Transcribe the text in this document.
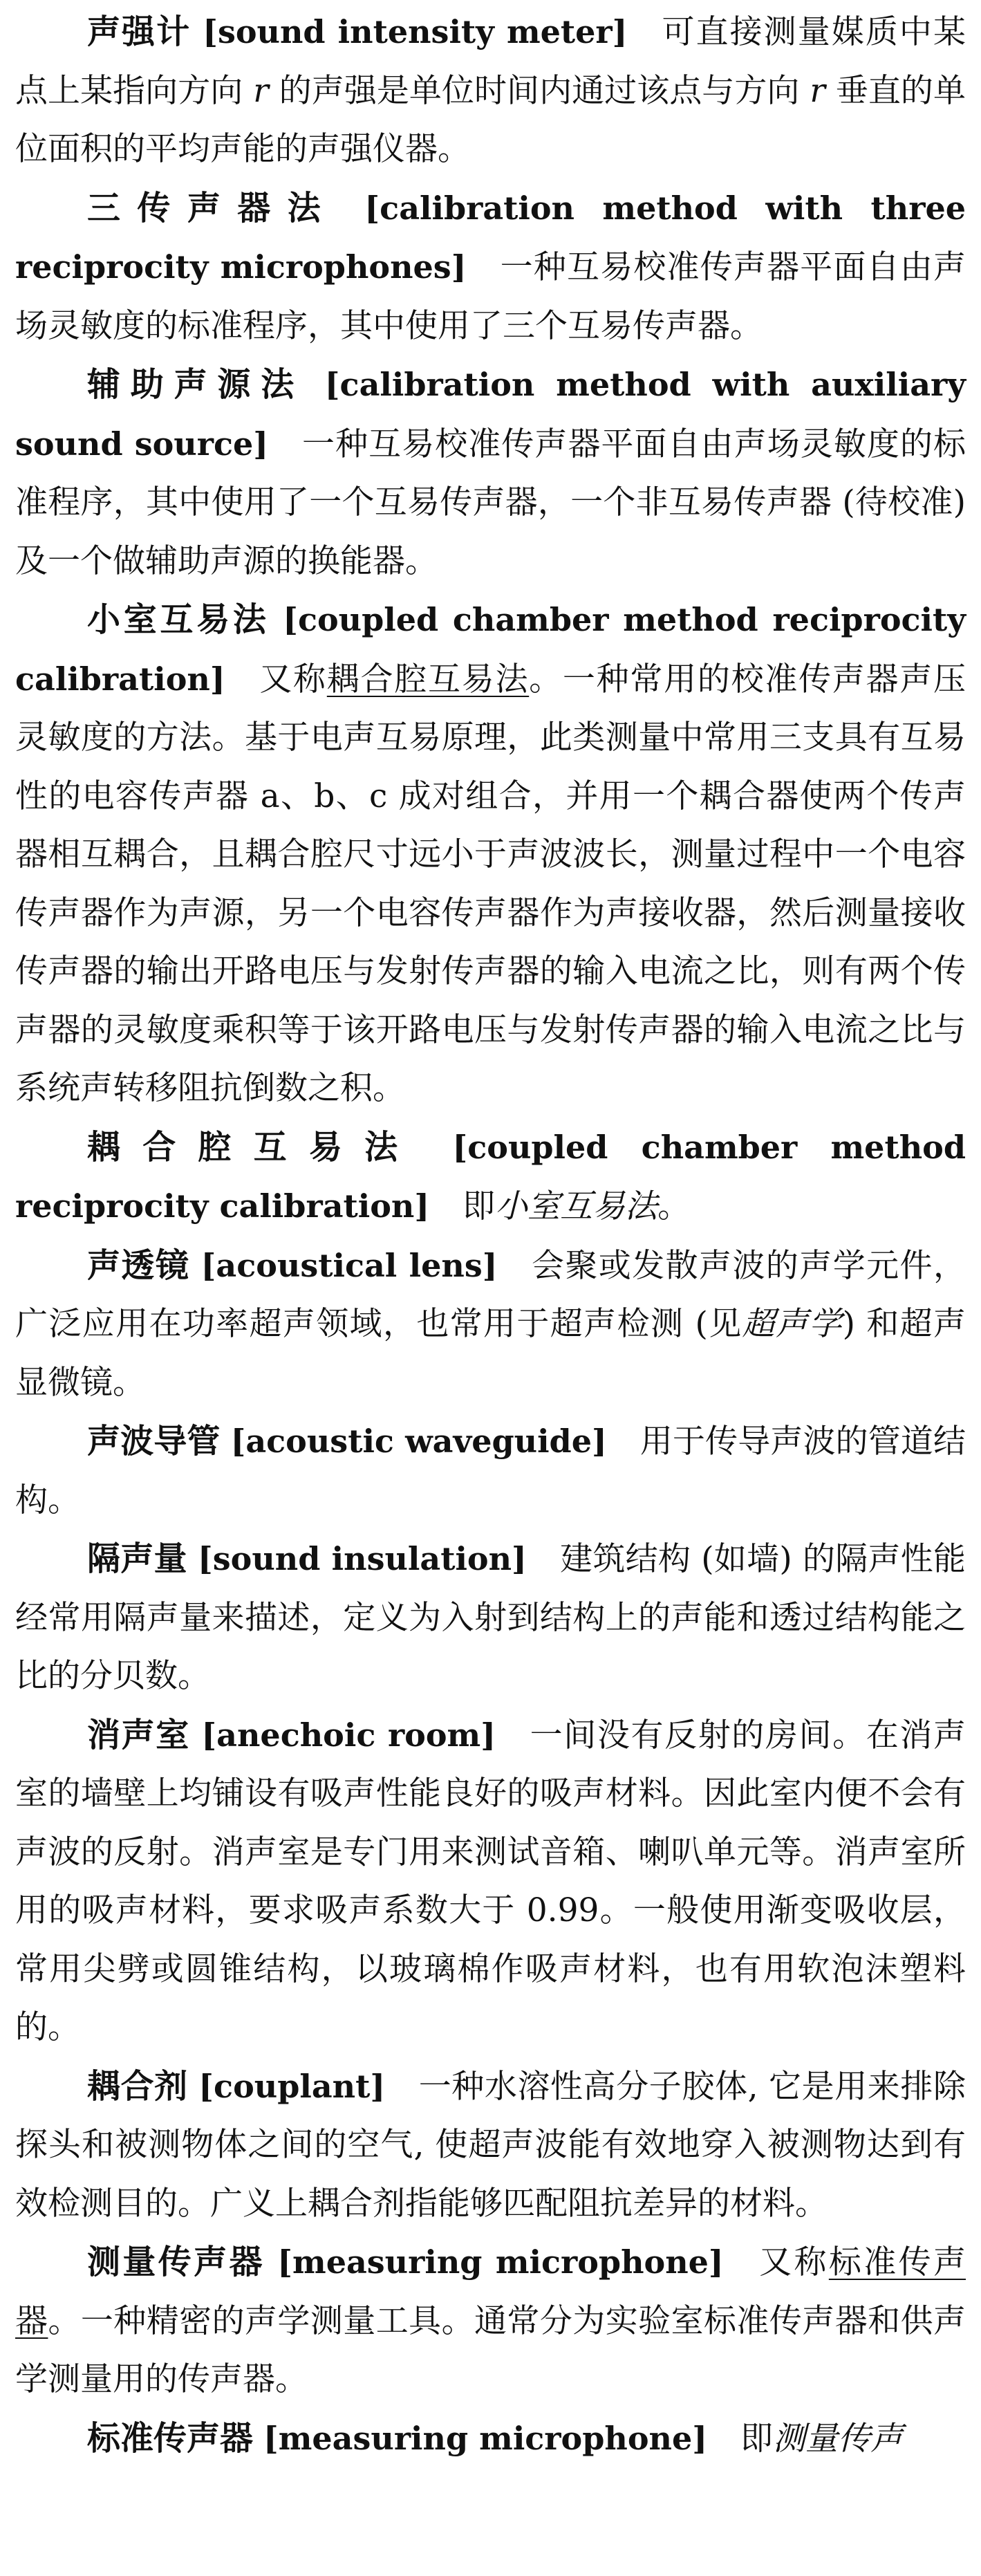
声强计 [sound intensity meter] 可直接测量媒质中某点上某指向方向 r 的声强是单位时间内通过该点与方向 r 垂直的单位面积的平均声能的声强仪器。

三传声器法 [calibration method with three reciprocity microphones] 一种互易校准传声器平面自由声场灵敏度的标准程序，其中使用了三个互易传声器。

辅助声源法 [calibration method with auxiliary sound source] 一种互易校准传声器平面自由声场灵敏度的标准程序，其中使用了一个互易传声器，一个非互易传声器 (待校准) 及一个做辅助声源的换能器。

小室互易法 [coupled chamber method reciprocity calibration] 又称耦合腔互易法。一种常用的校准传声器声压灵敏度的方法。基于电声互易原理，此类测量中常用三支具有互易性的电容传声器 a、b、c 成对组合，并用一个耦合器使两个传声器相互耦合，且耦合腔尺寸远小于声波波长，测量过程中一个电容传声器作为声源，另一个电容传声器作为声接收器，然后测量接收传声器的输出开路电压与发射传声器的输入电流之比，则有两个传声器的灵敏度乘积等于该开路电压与发射传声器的输入电流之比与系统声转移阻抗倒数之积。

耦合腔互易法 [coupled chamber method reciprocity calibration] 即小室互易法。

声透镜 [acoustical lens] 会聚或发散声波的声学元件，广泛应用在功率超声领域，也常用于超声检测 (见超声学) 和超声显微镜。

声波导管 [acoustic waveguide] 用于传导声波的管道结构。

隔声量 [sound insulation] 建筑结构 (如墙) 的隔声性能经常用隔声量来描述，定义为入射到结构上的声能和透过结构能之比的分贝数。

消声室 [anechoic room] 一间没有反射的房间。在消声室的墙壁上均铺设有吸声性能良好的吸声材料。因此室内便不会有声波的反射。消声室是专门用来测试音箱、喇叭单元等。消声室所用的吸声材料，要求吸声系数大于 0.99。一般使用渐变吸收层，常用尖劈或圆锥结构，以玻璃棉作吸声材料，也有用软泡沫塑料的。

耦合剂 [couplant] 一种水溶性高分子胶体, 它是用来排除探头和被测物体之间的空气, 使超声波能有效地穿入被测物达到有效检测目的。广义上耦合剂指能够匹配阻抗差异的材料。

测量传声器 [measuring microphone] 又称标准传声器。一种精密的声学测量工具。通常分为实验室标准传声器和供声学测量用的传声器。

标准传声器 [measuring microphone] 即测量传声
